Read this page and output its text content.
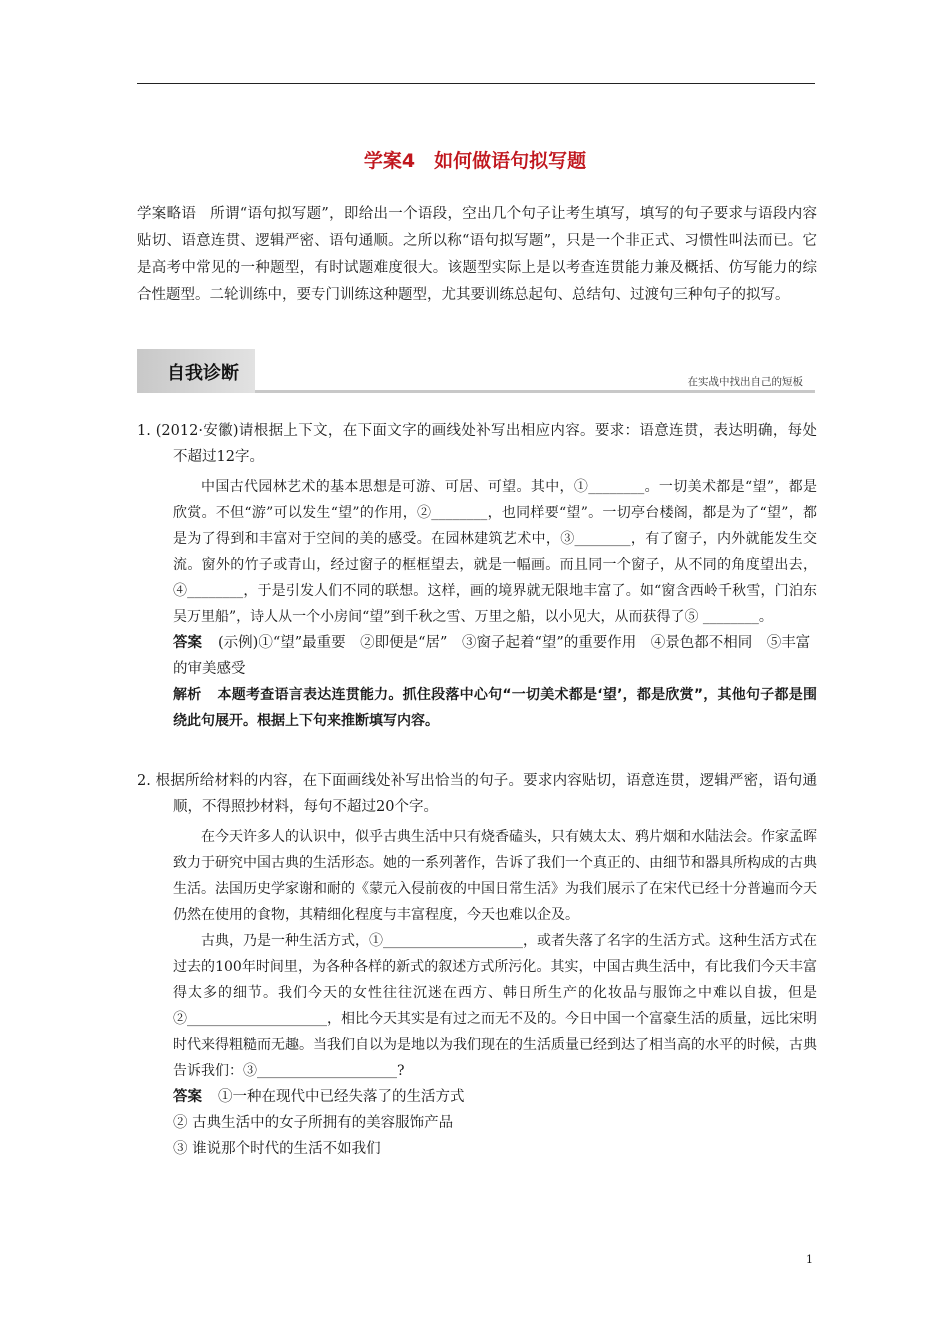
学案4　如何做语句拟写题
学案略语 所谓“语句拟写题”，即给出一个语段，空出几个句子让考生填写，填写的句子要求与语段内容贴切、语意连贯、逻辑严密、语句通顺。之所以称“语句拟写题”，只是一个非正式、习惯性叫法而已。它是高考中常见的一种题型，有时试题难度很大。该题型实际上是以考查连贯能力兼及概括、仿写能力的综合性题型。二轮训练中，要专门训练这种题型，尤其要训练总起句、总结句、过渡句三种句子的拟写。
自我诊断	在实战中找出自己的短板
1. (2012·安徽)请根据上下文，在下面文字的画线处补写出相应内容。要求：语意连贯，表达明确，每处不超过12字。

中国古代园林艺术的基本思想是可游、可居、可望。其中，①________。一切美术都是“望”，都是欣赏。不但“游”可以发生“望”的作用，②________，也同样要“望”。一切亭台楼阁，都是为了“望”，都是为了得到和丰富对于空间的美的感受。在园林建筑艺术中，③________，有了窗子，内外就能发生交流。窗外的竹子或青山，经过窗子的框框望去，就是一幅画。而且同一个窗子，从不同的角度望出去，④________，于是引发人们不同的联想。这样，画的境界就无限地丰富了。如“窗含西岭千秋雪，门泊东吴万里船”，诗人从一个小房间“望”到千秋之雪、万里之船，以小见大，从而获得了⑤ ________。

答案 (示例)①“望”最重要　②即便是“居”　③窗子起着“望”的重要作用　④景色都不相同　⑤丰富的审美感受
解析 本题考查语言表达连贯能力。抓住段落中心句“一切美术都是‘望’，都是欣赏”，其他句子都是围绕此句展开。根据上下句来推断填写内容。
2. 根据所给材料的内容，在下面画线处补写出恰当的句子。要求内容贴切，语意连贯，逻辑严密，语句通顺，不得照抄材料，每句不超过20个字。

在今天许多人的认识中，似乎古典生活中只有烧香磕头，只有姨太太、鸦片烟和水陆法会。作家孟晖致力于研究中国古典的生活形态。她的一系列著作，告诉了我们一个真正的、由细节和器具所构成的古典生活。法国历史学家谢和耐的《蒙元入侵前夜的中国日常生活》为我们展示了在宋代已经十分普遍而今天仍然在使用的食物，其精细化程度与丰富程度，今天也难以企及。

古典，乃是一种生活方式，①____________________，或者失落了名字的生活方式。这种生活方式在过去的100年时间里，为各种各样的新式的叙述方式所污化。其实，中国古典生活中，有比我们今天丰富得太多的细节。我们今天的女性往往沉迷在西方、韩日所生产的化妆品与服饰之中难以自拔，但是②____________________，相比今天其实是有过之而无不及的。今日中国一个富豪生活的质量，远比宋明时代来得粗糙而无趣。当我们自以为是地以为我们现在的生活质量已经到达了相当高的水平的时候，古典告诉我们：③____________________?

答案 ①一种在现代中已经失落了的生活方式

② 古典生活中的女子所拥有的美容服饰产品

③ 谁说那个时代的生活不如我们

1
